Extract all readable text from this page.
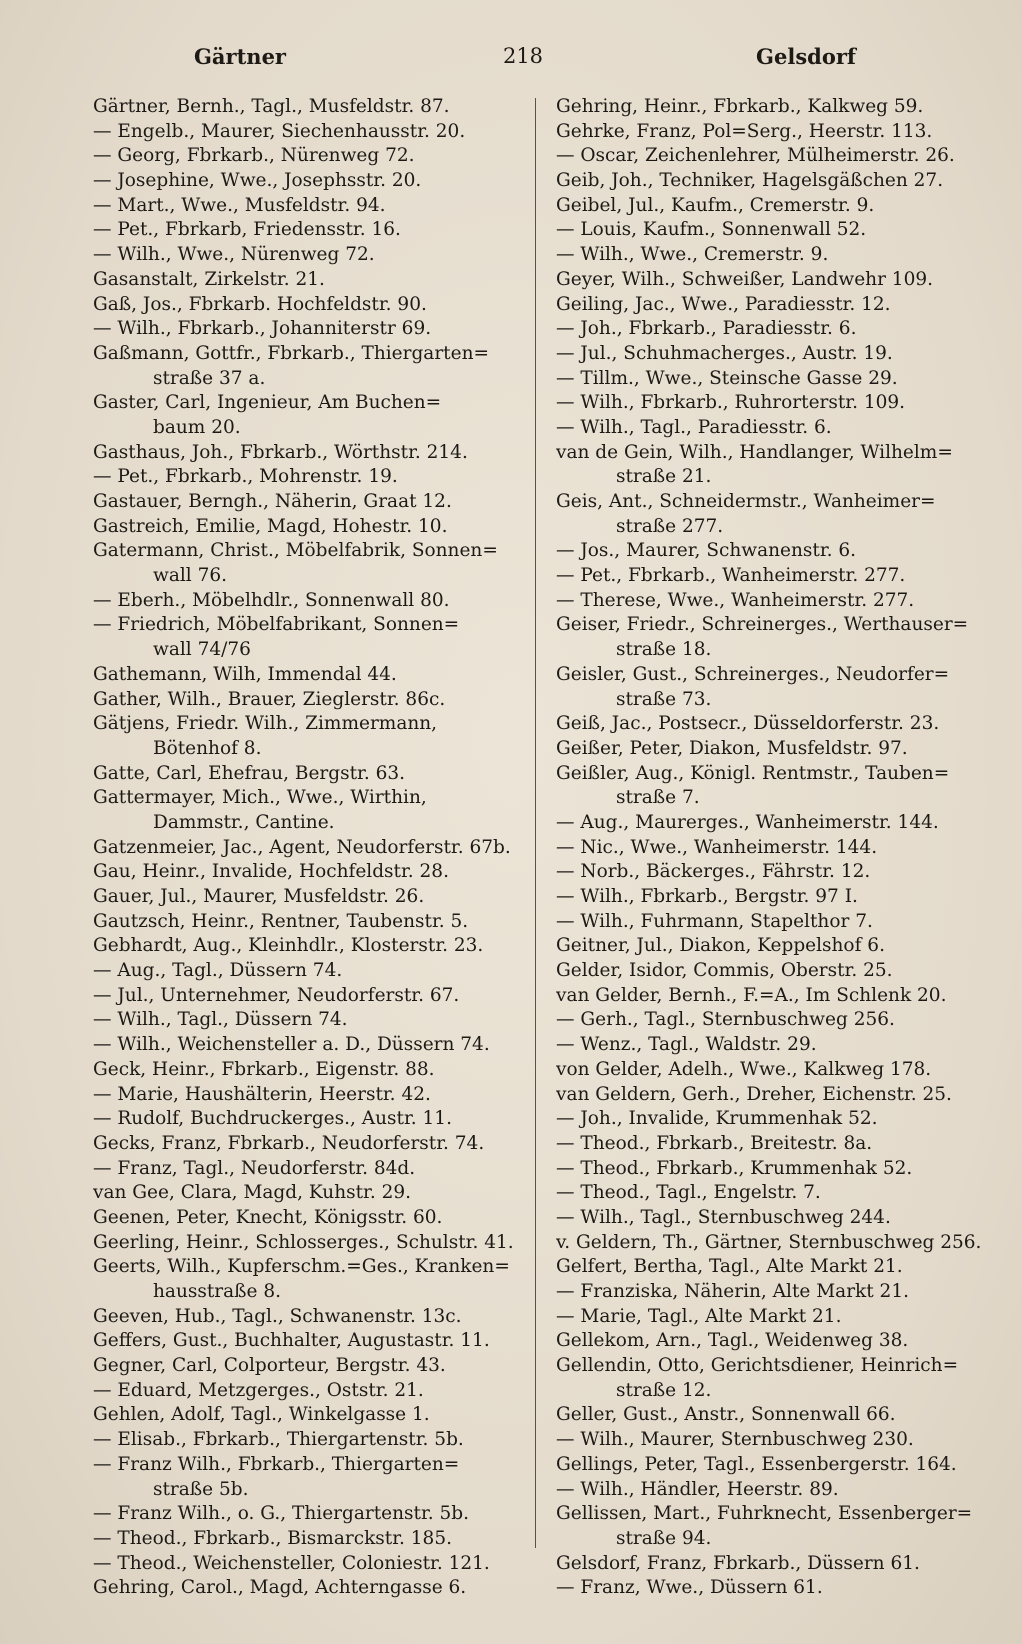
Gärtner	218	Gelsdorf
Gärtner, Bernh., Tagl., Musfeldstr. 87.
— Engelb., Maurer, Siechenhausstr. 20.
— Georg, Fbrkarb., Nürenweg 72.
— Josephine, Wwe., Josephsstr. 20.
— Mart., Wwe., Musfeldstr. 94.
— Pet., Fbrkarb, Friedensstr. 16.
— Wilh., Wwe., Nürenweg 72.
Gasanstalt, Zirkelstr. 21.
Gaß, Jos., Fbrkarb. Hochfeldstr. 90.
— Wilh., Fbrkarb., Johanniterstr 69.
Gaßmann, Gottfr., Fbrkarb., Thiergarten=
straße 37 a.
Gaster, Carl, Ingenieur, Am Buchen=
baum 20.
Gasthaus, Joh., Fbrkarb., Wörthstr. 214.
— Pet., Fbrkarb., Mohrenstr. 19.
Gastauer, Berngh., Näherin, Graat 12.
Gastreich, Emilie, Magd, Hohestr. 10.
Gatermann, Christ., Möbelfabrik, Sonnen=
wall 76.
— Eberh., Möbelhdlr., Sonnenwall 80.
— Friedrich, Möbelfabrikant, Sonnen=
wall 74/76
Gathemann, Wilh, Immendal 44.
Gather, Wilh., Brauer, Zieglerstr. 86c.
Gätjens, Friedr. Wilh., Zimmermann,
Bötenhof 8.
Gatte, Carl, Ehefrau, Bergstr. 63.
Gattermayer, Mich., Wwe., Wirthin,
Dammstr., Cantine.
Gatzenmeier, Jac., Agent, Neudorferstr. 67b.
Gau, Heinr., Invalide, Hochfeldstr. 28.
Gauer, Jul., Maurer, Musfeldstr. 26.
Gautzsch, Heinr., Rentner, Taubenstr. 5.
Gebhardt, Aug., Kleinhdlr., Klosterstr. 23.
— Aug., Tagl., Düssern 74.
— Jul., Unternehmer, Neudorferstr. 67.
— Wilh., Tagl., Düssern 74.
— Wilh., Weichensteller a. D., Düssern 74.
Geck, Heinr., Fbrkarb., Eigenstr. 88.
— Marie, Haushälterin, Heerstr. 42.
— Rudolf, Buchdruckerges., Austr. 11.
Gecks, Franz, Fbrkarb., Neudorferstr. 74.
— Franz, Tagl., Neudorferstr. 84d.
van Gee, Clara, Magd, Kuhstr. 29.
Geenen, Peter, Knecht, Königsstr. 60.
Geerling, Heinr., Schlosserges., Schulstr. 41.
Geerts, Wilh., Kupferschm.=Ges., Kranken=
hausstraße 8.
Geeven, Hub., Tagl., Schwanenstr. 13c.
Geffers, Gust., Buchhalter, Augustastr. 11.
Gegner, Carl, Colporteur, Bergstr. 43.
— Eduard, Metzgerges., Oststr. 21.
Gehlen, Adolf, Tagl., Winkelgasse 1.
— Elisab., Fbrkarb., Thiergartenstr. 5b.
— Franz Wilh., Fbrkarb., Thiergarten=
straße 5b.
— Franz Wilh., o. G., Thiergartenstr. 5b.
— Theod., Fbrkarb., Bismarckstr. 185.
— Theod., Weichensteller, Coloniestr. 121.
Gehring, Carol., Magd, Achterngasse 6.
Gehring, Heinr., Fbrkarb., Kalkweg 59.
Gehrke, Franz, Pol=Serg., Heerstr. 113.
— Oscar, Zeichenlehrer, Mülheimerstr. 26.
Geib, Joh., Techniker, Hagelsgäßchen 27.
Geibel, Jul., Kaufm., Cremerstr. 9.
— Louis, Kaufm., Sonnenwall 52.
— Wilh., Wwe., Cremerstr. 9.
Geyer, Wilh., Schweißer, Landwehr 109.
Geiling, Jac., Wwe., Paradiesstr. 12.
— Joh., Fbrkarb., Paradiesstr. 6.
— Jul., Schuhmacherges., Austr. 19.
— Tillm., Wwe., Steinsche Gasse 29.
— Wilh., Fbrkarb., Ruhrorterstr. 109.
— Wilh., Tagl., Paradiesstr. 6.
van de Gein, Wilh., Handlanger, Wilhelm=
straße 21.
Geis, Ant., Schneidermstr., Wanheimer=
straße 277.
— Jos., Maurer, Schwanenstr. 6.
— Pet., Fbrkarb., Wanheimerstr. 277.
— Therese, Wwe., Wanheimerstr. 277.
Geiser, Friedr., Schreinerges., Werthauser=
straße 18.
Geisler, Gust., Schreinerges., Neudorfer=
straße 73.
Geiß, Jac., Postsecr., Düsseldorferstr. 23.
Geißer, Peter, Diakon, Musfeldstr. 97.
Geißler, Aug., Königl. Rentmstr., Tauben=
straße 7.
— Aug., Maurerges., Wanheimerstr. 144.
— Nic., Wwe., Wanheimerstr. 144.
— Norb., Bäckerges., Fährstr. 12.
— Wilh., Fbrkarb., Bergstr. 97 I.
— Wilh., Fuhrmann, Stapelthor 7.
Geitner, Jul., Diakon, Keppelshof 6.
Gelder, Isidor, Commis, Oberstr. 25.
van Gelder, Bernh., F.=A., Im Schlenk 20.
— Gerh., Tagl., Sternbuschweg 256.
— Wenz., Tagl., Waldstr. 29.
von Gelder, Adelh., Wwe., Kalkweg 178.
van Geldern, Gerh., Dreher, Eichenstr. 25.
— Joh., Invalide, Krummenhak 52.
— Theod., Fbrkarb., Breitestr. 8a.
— Theod., Fbrkarb., Krummenhak 52.
— Theod., Tagl., Engelstr. 7.
— Wilh., Tagl., Sternbuschweg 244.
v. Geldern, Th., Gärtner, Sternbuschweg 256.
Gelfert, Bertha, Tagl., Alte Markt 21.
— Franziska, Näherin, Alte Markt 21.
— Marie, Tagl., Alte Markt 21.
Gellekom, Arn., Tagl., Weidenweg 38.
Gellendin, Otto, Gerichtsdiener, Heinrich=
straße 12.
Geller, Gust., Anstr., Sonnenwall 66.
— Wilh., Maurer, Sternbuschweg 230.
Gellings, Peter, Tagl., Essenbergerstr. 164.
— Wilh., Händler, Heerstr. 89.
Gellissen, Mart., Fuhrknecht, Essenberger=
straße 94.
Gelsdorf, Franz, Fbrkarb., Düssern 61.
— Franz, Wwe., Düssern 61.
